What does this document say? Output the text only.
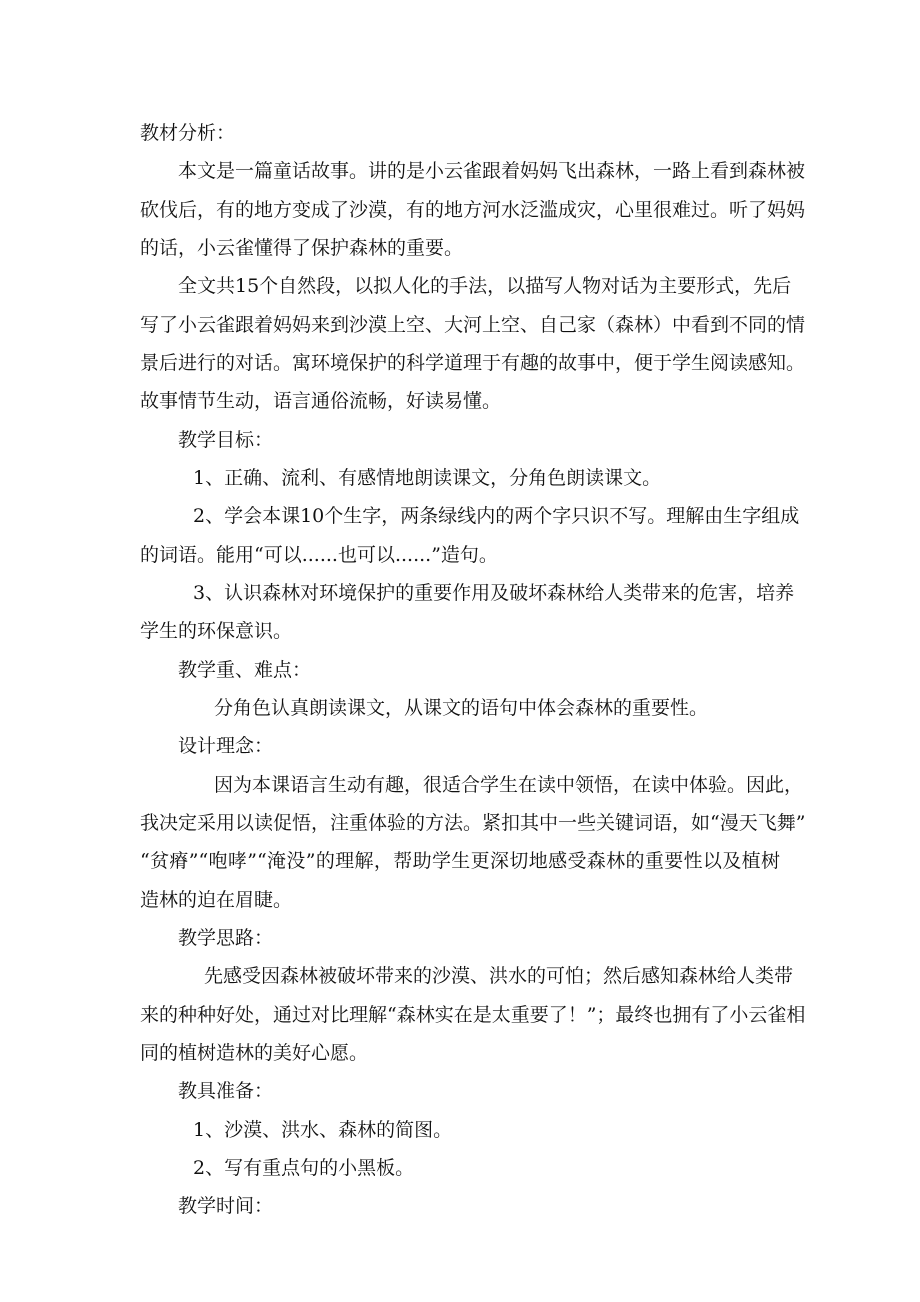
教材分析：

本文是一篇童话故事。讲的是小云雀跟着妈妈飞出森林，一路上看到森林被

砍伐后，有的地方变成了沙漠，有的地方河水泛滥成灾，心里很难过。听了妈妈

的话，小云雀懂得了保护森林的重要。

全文共15个自然段，以拟人化的手法，以描写人物对话为主要形式，先后

写了小云雀跟着妈妈来到沙漠上空、大河上空、自己家（森林）中看到不同的情

景后进行的对话。寓环境保护的科学道理于有趣的故事中，便于学生阅读感知。

故事情节生动，语言通俗流畅，好读易懂。

教学目标：

1、正确、流利、有感情地朗读课文，分角色朗读课文。

2、学会本课10个生字，两条绿线内的两个字只识不写。理解由生字组成

的词语。能用“可以......也可以......”造句。

3、认识森林对环境保护的重要作用及破坏森林给人类带来的危害，培养

学生的环保意识。

教学重、难点：

分角色认真朗读课文，从课文的语句中体会森林的重要性。

设计理念：

因为本课语言生动有趣，很适合学生在读中领悟，在读中体验。因此，

我决定采用以读促悟，注重体验的方法。紧扣其中一些关键词语，如“漫天飞舞”

“贫瘠”“咆哮”“淹没”的理解，帮助学生更深切地感受森林的重要性以及植树

造林的迫在眉睫。

教学思路：

先感受因森林被破坏带来的沙漠、洪水的可怕；然后感知森林给人类带

来的种种好处，通过对比理解“森林实在是太重要了！”；最终也拥有了小云雀相

同的植树造林的美好心愿。

教具准备：

1、沙漠、洪水、森林的简图。

2、写有重点句的小黑板。

教学时间：
